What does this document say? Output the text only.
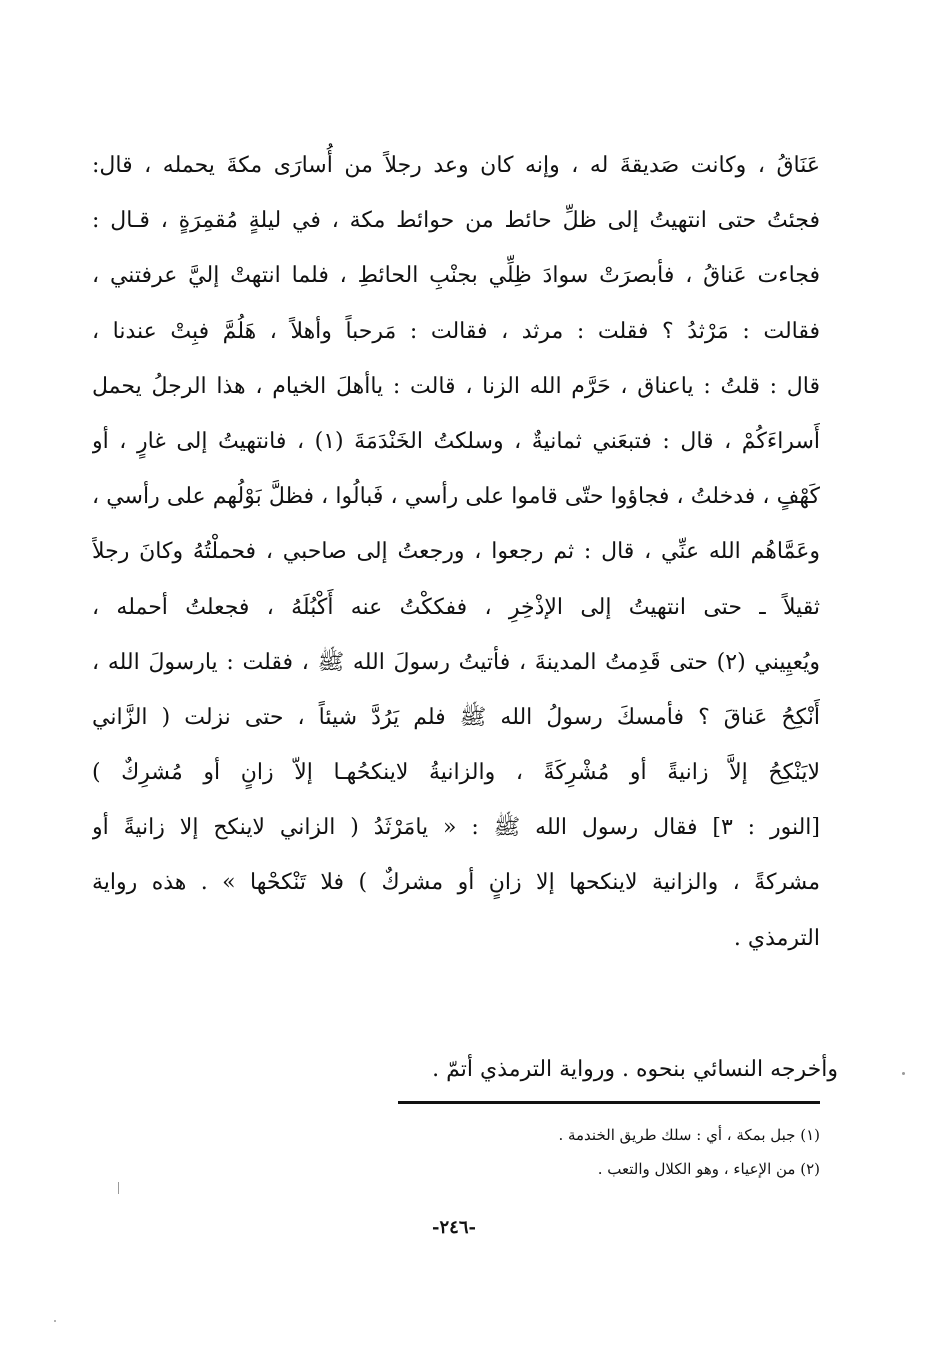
عَنَاقُ ، وكانت صَديقةَ له ، وإنه كان وعد رجلاً من أُسارَى مكةَ يحمله ، قال:
فجئتُ حتى انتهيتُ إلى ظلِّ حائط من حوائط مكة ، في ليلةٍ مُقمِرَةٍ ، قـال :
فجاءت عَناقُ ، فأبصرَتْ سوادَ ظِلِّي بجنْبِ الحائطِ ، فلما انتهتْ إليَّ عرفتني ،
فقالت : مَرْثدُ ؟ فقلت : مرثد ، فقالت : مَرحباً وأهلاً ، هَلُمَّ فبِتْ عندنا ،
قال : قلتُ : ياعناق ، حَرَّم الله الزنا ، قالت : ياأهلَ الخيام ، هذا الرجلُ يحمل
أَسراءَكُمْ ، قال : فتبعَني ثمانيةٌ ، وسلكتُ الخَنْدَمَةَ (١) ، فانتهيتُ إلى غارٍ ، أو
كَهْفٍ ، فدخلتُ ، فجاؤوا حتّى قاموا على رأسي ، فَبالُوا ، فظلَّ بَوْلُهم على رأسي ،
وعَمَّاهُم الله عنِّي ، قال : ثم رجعوا ، ورجعتُ إلى صاحبي ، فحملْتُهُ وكانَ رجلاً
ثقيلاً ـ حتى انتهيتُ إلى الإذْخِرِ ، ففككْتُ عنه أَكْبُلَهُ ، فجعلتُ أحمله ،
ويُعيِيني (٢) حتى قَدِمتُ المدينةَ ، فأتيتُ رسولَ الله ﷺ ، فقلت : يارسولَ الله ،
أَنْكِحُ عَناقَ ؟ فأمسكَ رسولُ الله ﷺ فلم يَرُدَّ شيئاً ، حتى نزلت ( الزَّاني
لايَنْكِحُ إلاَّ زانيةً أو مُشْرِكَةً ، والزانيةُ لاينكحُهـا إلاّ زانٍ أو مُشرِكٌ )
[النور : ٣] فقال رسول الله ﷺ : « يامَرْثَدُ ( الزاني لاينكح إلا زانيةً أو
مشركةً ، والزانية لاينكحها إلا زانٍ أو مشركٌ ) فلا تَنْكحْها » . هذه رواية
الترمذي .
وأخرجه النسائي بنحوه . ورواية الترمذي أتمّ .
(١) جبل بمكة ، أي : سلك طريق الخندمة .
(٢) من الإعياء ، وهو الكلال والتعب .
-٢٤٦-
